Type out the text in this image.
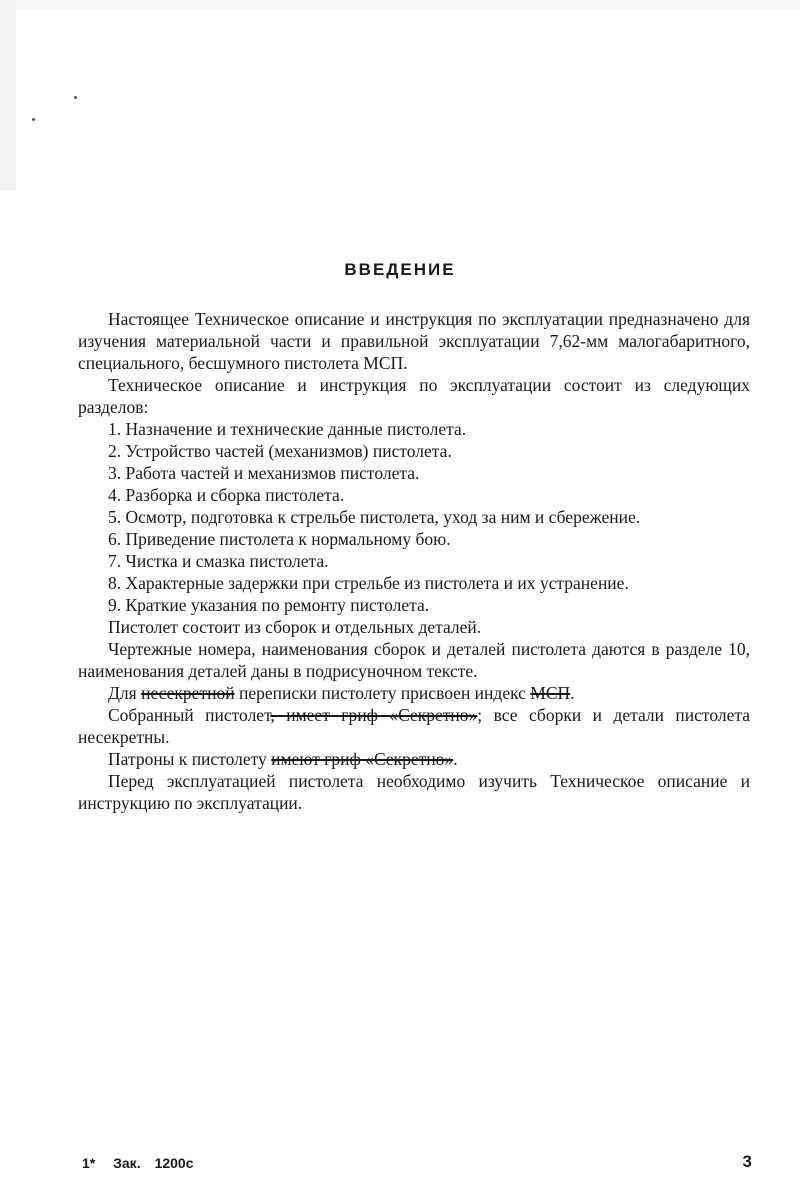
ВВЕДЕНИЕ

Настоящее Техническое описание и инструкция по эксплуатации предназначено для изучения материальной части и правильной эксплуатации 7,62-мм малогабаритного, специального, бесшумного пистолета МСП.

Техническое описание и инструкция по эксплуатации состоит из следующих разделов:

1. Назначение и технические данные пистолета.

2. Устройство частей (механизмов) пистолета.

3. Работа частей и механизмов пистолета.

4. Разборка и сборка пистолета.

5. Осмотр, подготовка к стрельбе пистолета, уход за ним и сбережение.

6. Приведение пистолета к нормальному бою.

7. Чистка и смазка пистолета.

8. Характерные задержки при стрельбе из пистолета и их устранение.

9. Краткие указания по ремонту пистолета.

Пистолет состоит из сборок и отдельных деталей.

Чертежные номера, наименования сборок и деталей пистолета даются в разделе 10, наименования деталей даны в подрисуночном тексте.

Для несекретной переписки пистолету присвоен индекс МСП.

Собранный пистолет, имеет гриф «Секретно»; все сборки и детали пистолета несекретны.

Патроны к пистолету имеют гриф «Секретно».

Перед эксплуатацией пистолета необходимо изучить Техническое описание и инструкцию по эксплуатации.

1* Зак. 1200с	3
